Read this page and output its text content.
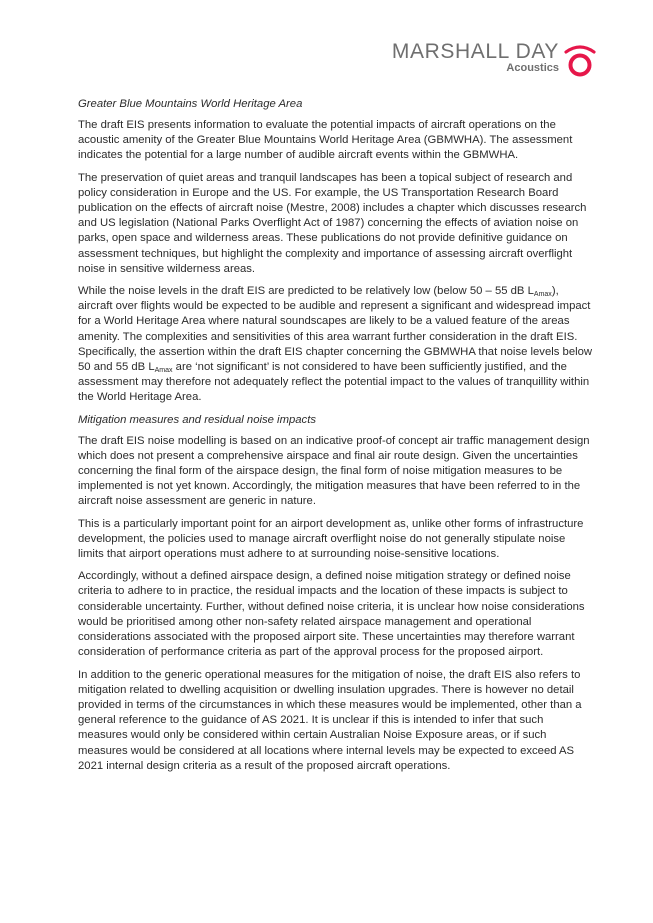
MARSHALL DAY
Acoustics
Greater Blue Mountains World Heritage Area

The draft EIS presents information to evaluate the potential impacts of aircraft operations on the acoustic amenity of the Greater Blue Mountains World Heritage Area (GBMWHA). The assessment indicates the potential for a large number of audible aircraft events within the GBMWHA.

The preservation of quiet areas and tranquil landscapes has been a topical subject of research and policy consideration in Europe and the US. For example, the US Transportation Research Board publication on the effects of aircraft noise (Mestre, 2008) includes a chapter which discusses research and US legislation (National Parks Overflight Act of 1987) concerning the effects of aviation noise on parks, open space and wilderness areas. These publications do not provide definitive guidance on assessment techniques, but highlight the complexity and importance of assessing aircraft overflight noise in sensitive wilderness areas.

While the noise levels in the draft EIS are predicted to be relatively low (below 50 – 55 dB $L_{Amax}$), aircraft over flights would be expected to be audible and represent a significant and widespread impact for a World Heritage Area where natural soundscapes are likely to be a valued feature of the areas amenity. The complexities and sensitivities of this area warrant further consideration in the draft EIS. Specifically, the assertion within the draft EIS chapter concerning the GBMWHA that noise levels below 50 and 55 dB $L_{Amax}$ are ‘not significant’ is not considered to have been sufficiently justified, and the assessment may therefore not adequately reflect the potential impact to the values of tranquillity within the World Heritage Area.

Mitigation measures and residual noise impacts

The draft EIS noise modelling is based on an indicative proof-of concept air traffic management design which does not present a comprehensive airspace and final air route design. Given the uncertainties concerning the final form of the airspace design, the final form of noise mitigation measures to be implemented is not yet known. Accordingly, the mitigation measures that have been referred to in the aircraft noise assessment are generic in nature.

This is a particularly important point for an airport development as, unlike other forms of infrastructure development, the policies used to manage aircraft overflight noise do not generally stipulate noise limits that airport operations must adhere to at surrounding noise-sensitive locations.

Accordingly, without a defined airspace design, a defined noise mitigation strategy or defined noise criteria to adhere to in practice, the residual impacts and the location of these impacts is subject to considerable uncertainty. Further, without defined noise criteria, it is unclear how noise considerations would be prioritised among other non-safety related airspace management and operational considerations associated with the proposed airport site. These uncertainties may therefore warrant consideration of performance criteria as part of the approval process for the proposed airport.

In addition to the generic operational measures for the mitigation of noise, the draft EIS also refers to mitigation related to dwelling acquisition or dwelling insulation upgrades. There is however no detail provided in terms of the circumstances in which these measures would be implemented, other than a general reference to the guidance of AS 2021. It is unclear if this is intended to infer that such measures would only be considered within certain Australian Noise Exposure areas, or if such measures would be considered at all locations where internal levels may be expected to exceed AS 2021 internal design criteria as a result of the proposed aircraft operations.
